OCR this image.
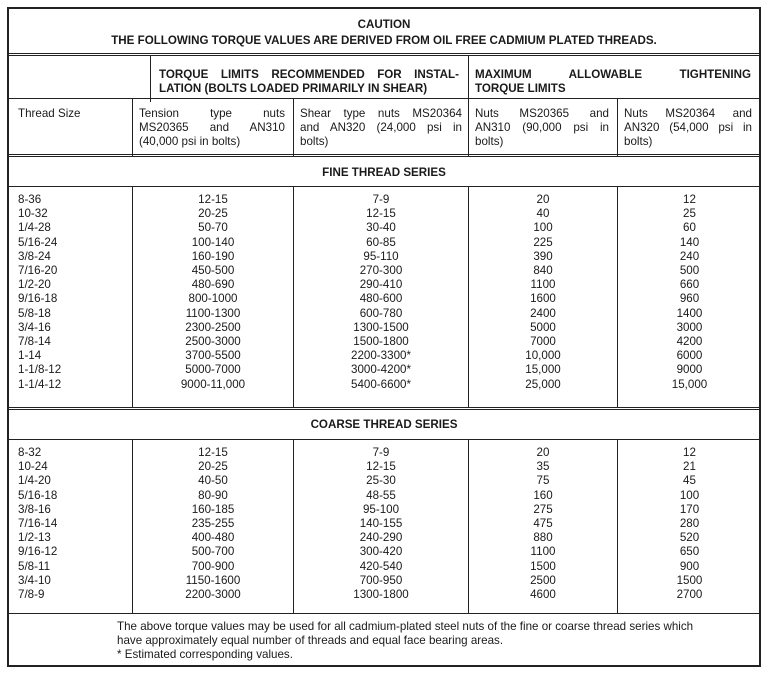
CAUTION
THE FOLLOWING TORQUE VALUES ARE DERIVED FROM OIL FREE CADMIUM PLATED THREADS.
TORQUE LIMITS RECOMMENDED FOR INSTAL-
LATION (BOLTS LOADED PRIMARILY IN SHEAR)
MAXIMUM ALLOWABLE TIGHTENING
TORQUE LIMITS
Thread Size	Tension type nuts
MS20365 and AN310
(40,000 psi in bolts)
Shear type nuts MS20364
and AN320 (24,000 psi in
bolts)
Nuts MS20365 and
AN310 (90,000 psi in
bolts)
Nuts MS20364 and
AN320 (54,000 psi in
bolts)
FINE THREAD SERIES
8-36
10-32
1/4-28
5/16-24
3/8-24
7/16-20
1/2-20
9/16-18
5/8-18
3/4-16
7/8-14
1-14
1-1/8-12
1-1/4-12
12-15
20-25
50-70
100-140
160-190
450-500
480-690
800-1000
1100-1300
2300-2500
2500-3000
3700-5500
5000-7000
9000-11,000
7-9
12-15
30-40
60-85
95-110
270-300
290-410
480-600
600-780
1300-1500
1500-1800
2200-3300*
3000-4200*
5400-6600*
20
40
100
225
390
840
1100
1600
2400
5000
7000
10,000
15,000
25,000
12
25
60
140
240
500
660
960
1400
3000
4200
6000
9000
15,000
COARSE THREAD SERIES
8-32
10-24
1/4-20
5/16-18
3/8-16
7/16-14
1/2-13
9/16-12
5/8-11
3/4-10
7/8-9
12-15
20-25
40-50
80-90
160-185
235-255
400-480
500-700
700-900
1150-1600
2200-3000
7-9
12-15
25-30
48-55
95-100
140-155
240-290
300-420
420-540
700-950
1300-1800
20
35
75
160
275
475
880
1100
1500
2500
4600
12
21
45
100
170
280
520
650
900
1500
2700
The above torque values may be used for all cadmium-plated steel nuts of the fine or coarse thread series which
have approximately equal number of threads and equal face bearing areas.
* Estimated corresponding values.
